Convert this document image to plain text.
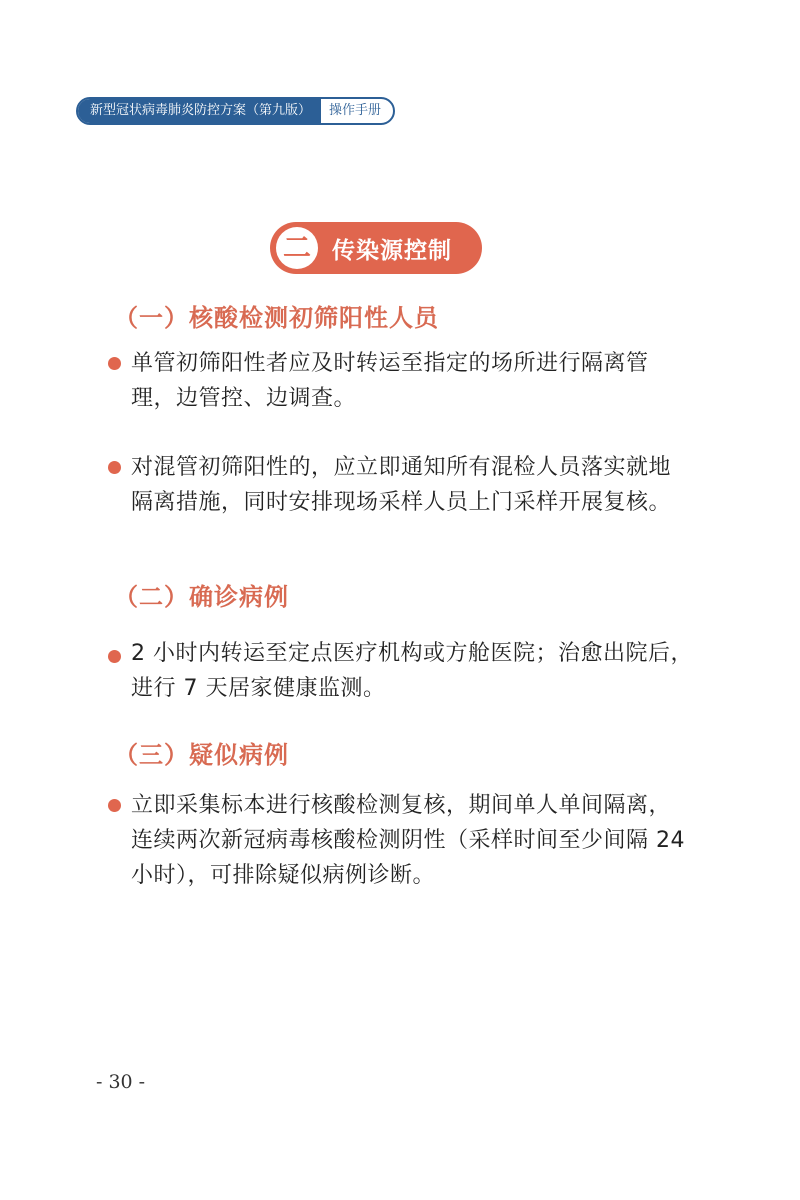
新型冠状病毒肺炎防控方案（第九版）	操作手册
二 传染源控制
（一）核酸检测初筛阳性人员
单管初筛阳性者应及时转运至指定的场所进行隔离管理，边管控、边调查。
对混管初筛阳性的，应立即通知所有混检人员落实就地隔离措施，同时安排现场采样人员上门采样开展复核。
（二）确诊病例
2 小时内转运至定点医疗机构或方舱医院；治愈出院后，进行 7 天居家健康监测。
（三）疑似病例
立即采集标本进行核酸检测复核，期间单人单间隔离，连续两次新冠病毒核酸检测阴性（采样时间至少间隔 24 小时），可排除疑似病例诊断。
- 30 -
